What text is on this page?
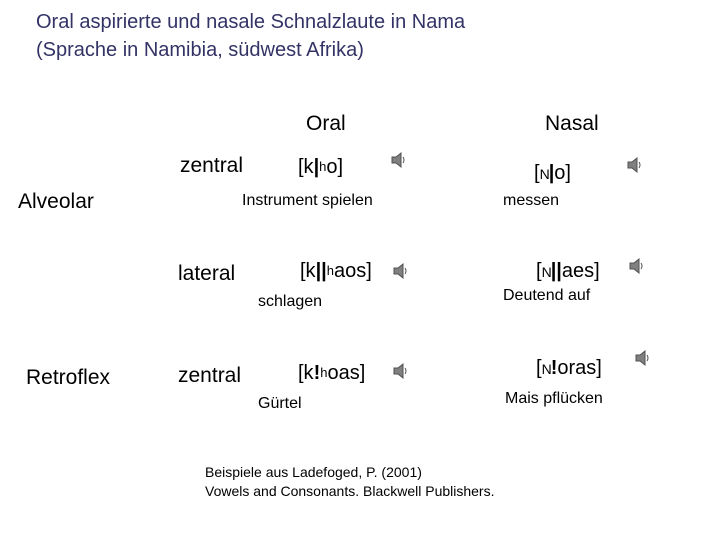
Oral aspirierte und nasale Schnalzlaute in Nama
(Sprache in Namibia, südwest Afrika)
Oral	Nasal
Alveolar
Retroflex
zentral
lateral
zentral
$[k|^ho]$
Instrument spielen
[N|o]
messen
$[k||^haos]$
schlagen
[N||aes]
Deutend auf
[k!$^h$oas]
Gürtel
[N!oras]
Mais pflücken
Beispiele aus Ladefoged, P. (2001)
Vowels and Consonants. Blackwell Publishers.
